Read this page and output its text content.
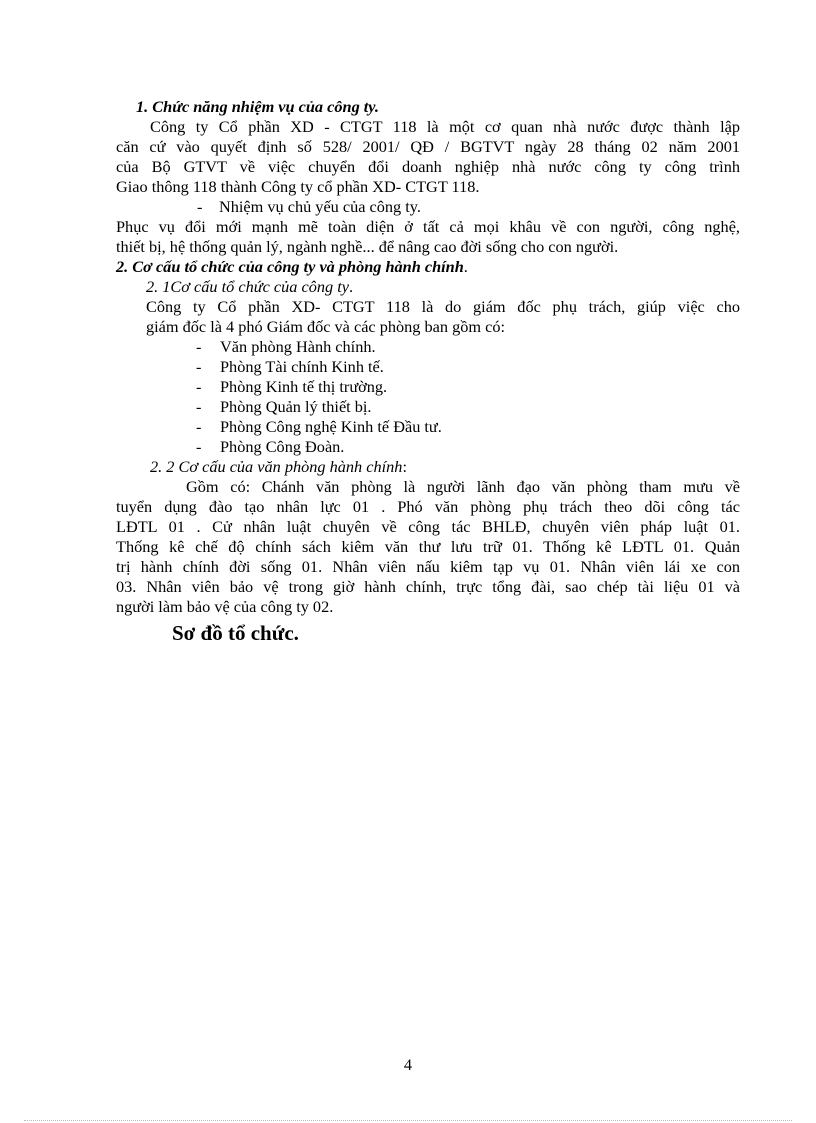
1. Chức năng nhiệm vụ của công ty.
Công ty Cổ phần XD - CTGT 118 là một cơ quan nhà nước được thành lập
căn cứ vào quyết định số 528/ 2001/ QĐ / BGTVT ngày 28 tháng 02 năm 2001
của Bộ GTVT về việc chuyển đổi doanh nghiệp nhà nước công ty công trình
Giao thông 118 thành Công ty cổ phần XD- CTGT 118.
- Nhiệm vụ chủ yếu của công ty.
Phục vụ đổi mới mạnh mẽ toàn diện ở tất cả mọi khâu về con người, công nghệ,
thiết bị, hệ thống quản lý, ngành nghề... để nâng cao đời sống cho con người.
2. Cơ cấu tổ chức của công ty và phòng hành chính.
2. 1Cơ cấu tổ chức của công ty.
Công ty Cổ phần XD- CTGT 118 là do giám đốc phụ trách, giúp việc cho
giám đốc là 4 phó Giám đốc và các phòng ban gồm có:
- Văn phòng Hành chính.
- Phòng Tài chính Kinh tế.
- Phòng Kinh tế thị trường.
- Phòng Quản lý thiết bị.
- Phòng Công nghệ Kinh tế Đầu tư.
- Phòng Công Đoàn.
2. 2 Cơ cấu của văn phòng hành chính:
Gồm có: Chánh văn phòng là người lãnh đạo văn phòng tham mưu về
tuyển dụng đào tạo nhân lực 01 . Phó văn phòng phụ trách theo dõi công tác
LĐTL 01 . Cử nhân luật chuyên về công tác BHLĐ, chuyên viên pháp luật 01.
Thống kê chế độ chính sách kiêm văn thư lưu trữ 01. Thống kê LĐTL 01. Quản
trị hành chính đời sống 01. Nhân viên nấu kiêm tạp vụ 01. Nhân viên lái xe con
03. Nhân viên bảo vệ trong giờ hành chính, trực tổng đài, sao chép tài liệu 01 và
người làm bảo vệ của công ty 02.
Sơ đồ tổ chức.
4
